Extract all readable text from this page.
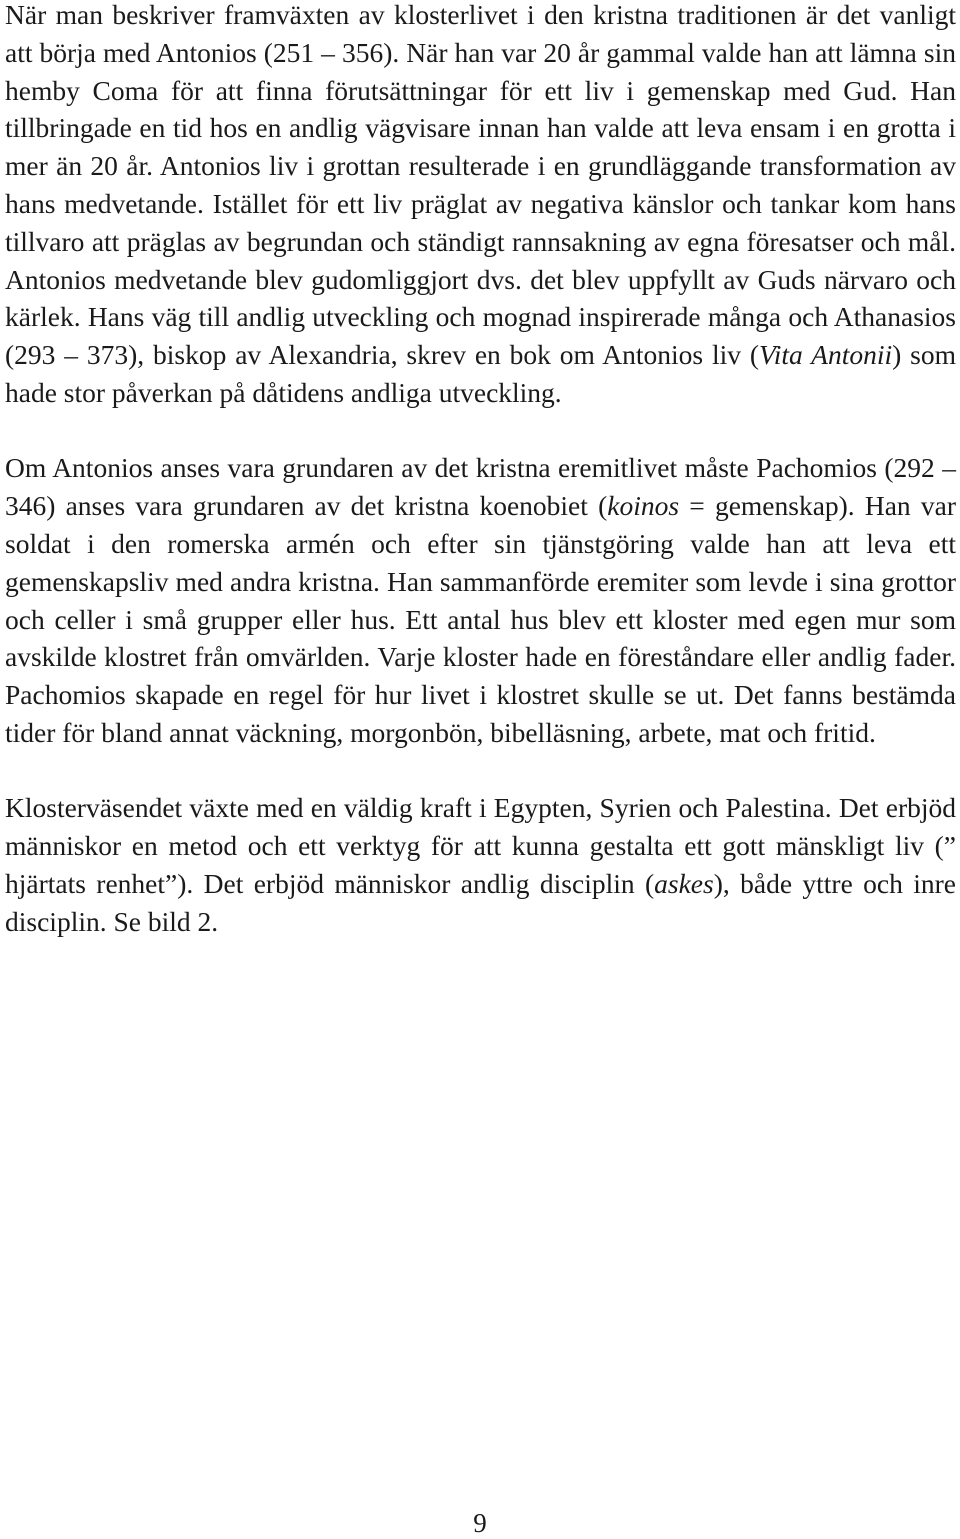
När man beskriver framväxten av klosterlivet i den kristna traditionen är det vanligt att börja med Antonios (251 – 356). När han var 20 år gammal valde han att lämna sin hemby Coma för att finna förutsättningar för ett liv i gemenskap med Gud. Han tillbringade en tid hos en andlig vägvisare innan han valde att leva ensam i en grotta i mer än 20 år. Antonios liv i grottan resulterade i en grundläggande transformation av hans medvetande. Istället för ett liv präglat av negativa känslor och tankar kom hans tillvaro att präglas av begrundan och ständigt rannsakning av egna föresatser och mål. Antonios medvetande blev gudomliggjort dvs. det blev uppfyllt av Guds närvaro och kärlek. Hans väg till andlig utveckling och mognad inspirerade många och Athanasios (293 – 373), biskop av Alexandria, skrev en bok om Antonios liv (Vita Antonii) som hade stor påverkan på dåtidens andliga utveckling.

Om Antonios anses vara grundaren av det kristna eremitlivet måste Pachomios (292 – 346) anses vara grundaren av det kristna koenobiet (koinos = gemenskap). Han var soldat i den romerska armén och efter sin tjänstgöring valde han att leva ett gemenskapsliv med andra kristna. Han sammanförde eremiter som levde i sina grottor och celler i små grupper eller hus. Ett antal hus blev ett kloster med egen mur som avskilde klostret från omvärlden. Varje kloster hade en föreståndare eller andlig fader. Pachomios skapade en regel för hur livet i klostret skulle se ut. Det fanns bestämda tider för bland annat väckning, morgonbön, bibelläsning, arbete, mat och fritid.

Klosterväsendet växte med en väldig kraft i Egypten, Syrien och Palestina. Det erbjöd människor en metod och ett verktyg för att kunna gestalta ett gott mänskligt liv (” hjärtats renhet”). Det erbjöd människor andlig disciplin (askes), både yttre och inre disciplin. Se bild 2.

9
